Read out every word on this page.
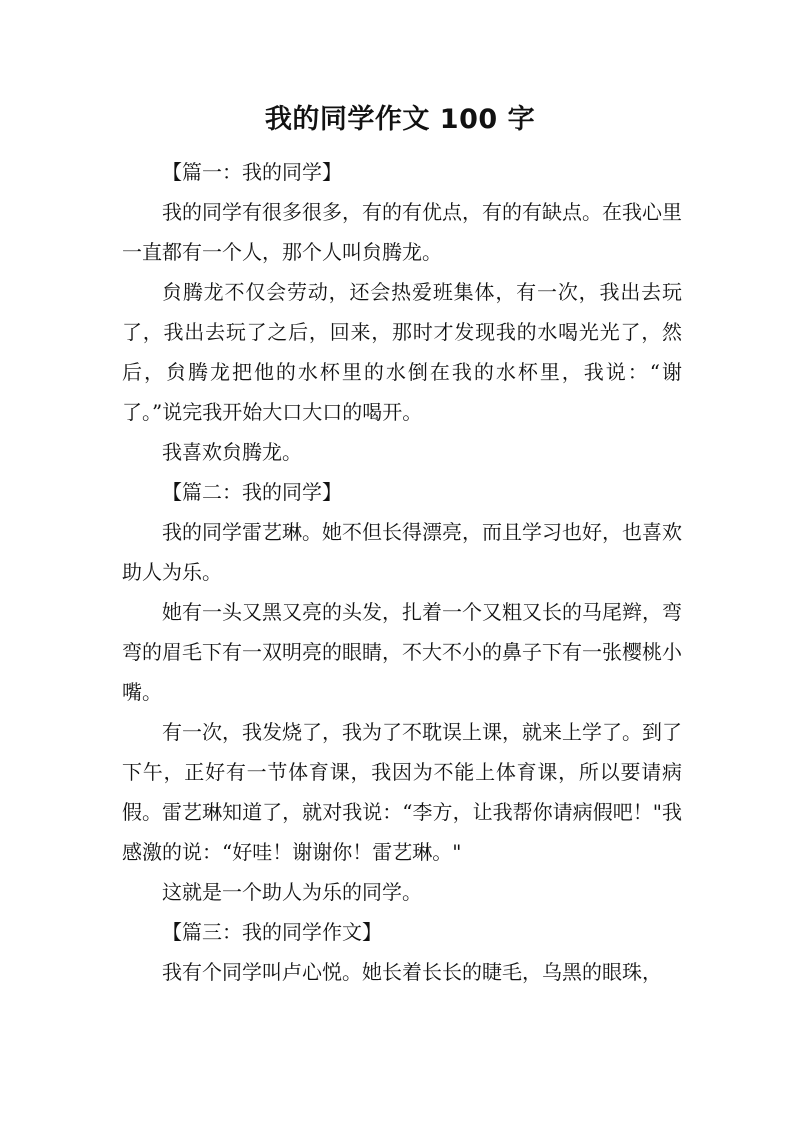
我的同学作文 100 字

【篇一：我的同学】

我的同学有很多很多，有的有优点，有的有缺点。在我心里一直都有一个人，那个人叫贠腾龙。

贠腾龙不仅会劳动，还会热爱班集体，有一次，我出去玩了，我出去玩了之后，回来，那时才发现我的水喝光光了，然后，贠腾龙把他的水杯里的水倒在我的水杯里，我说：“谢了。”说完我开始大口大口的喝开。

我喜欢贠腾龙。

【篇二：我的同学】

我的同学雷艺琳。她不但长得漂亮，而且学习也好，也喜欢助人为乐。

她有一头又黑又亮的头发，扎着一个又粗又长的马尾辫，弯弯的眉毛下有一双明亮的眼睛，不大不小的鼻子下有一张樱桃小嘴。

有一次，我发烧了，我为了不耽误上课，就来上学了。到了下午，正好有一节体育课，我因为不能上体育课，所以要请病假。雷艺琳知道了，就对我说：“李方，让我帮你请病假吧！"我感激的说：“好哇！谢谢你！雷艺琳。"

这就是一个助人为乐的同学。

【篇三：我的同学作文】

我有个同学叫卢心悦。她长着长长的睫毛，乌黑的眼珠，
